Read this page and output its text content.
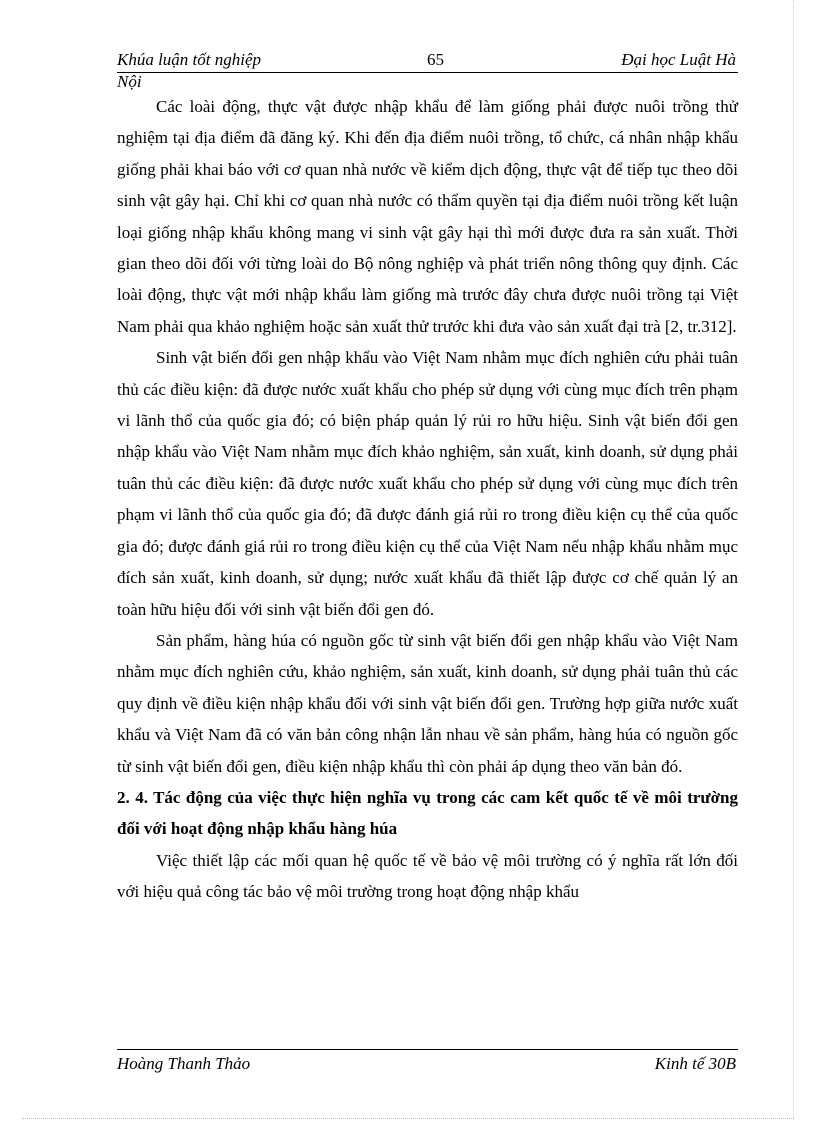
Khúa luận tốt nghiệp	65	Đại học Luật Hà
Nội

Các loài động, thực vật được nhập khẩu để làm giống phải được nuôi trồng thử nghiệm tại địa điểm đã đăng ký. Khi đến địa điểm nuôi trồng, tổ chức, cá nhân nhập khẩu giống phải khai báo với cơ quan nhà nước về kiểm dịch động, thực vật để tiếp tục theo dõi sinh vật gây hại. Chỉ khi cơ quan nhà nước có thẩm quyền tại địa điểm nuôi trồng kết luận loại giống nhập khẩu không mang vi sinh vật gây hại thì mới được đưa ra sản xuất. Thời gian theo dõi đối với từng loài do Bộ nông nghiệp và phát triển nông thông quy định. Các loài động, thực vật mới nhập khẩu làm giống mà trước đây chưa được nuôi trồng tại Việt Nam phải qua khảo nghiệm hoặc sản xuất thử trước khi đưa vào sản xuất đại trà [2, tr.312].

Sinh vật biến đổi gen nhập khẩu vào Việt Nam nhằm mục đích nghiên cứu phải tuân thủ các điều kiện: đã được nước xuất khẩu cho phép sử dụng với cùng mục đích trên phạm vi lãnh thổ của quốc gia đó; có biện pháp quản lý rủi ro hữu hiệu. Sinh vật biến đổi gen nhập khẩu vào Việt Nam nhằm mục đích khảo nghiệm, sản xuất, kinh doanh, sử dụng phải tuân thủ các điều kiện: đã được nước xuất khẩu cho phép sử dụng với cùng mục đích trên phạm vi lãnh thổ của quốc gia đó; đã được đánh giá rủi ro trong điều kiện cụ thể của quốc gia đó; được đánh giá rủi ro trong điều kiện cụ thể của Việt Nam nếu nhập khẩu nhằm mục đích sản xuất, kinh doanh, sử dụng; nước xuất khẩu đã thiết lập được cơ chế quản lý an toàn hữu hiệu đối với sinh vật biến đổi gen đó.

Sản phẩm, hàng húa có nguồn gốc từ sinh vật biến đổi gen nhập khẩu vào Việt Nam nhằm mục đích nghiên cứu, khảo nghiệm, sản xuất, kinh doanh, sử dụng phải tuân thủ các quy định về điều kiện nhập khẩu đối với sinh vật biến đổi gen. Trường hợp giữa nước xuất khẩu và Việt Nam đã có văn bản công nhận lẫn nhau về sản phẩm, hàng húa có nguồn gốc từ sinh vật biến đổi gen, điều kiện nhập khẩu thì còn phải áp dụng theo văn bản đó.

2. 4. Tác động của việc thực hiện nghĩa vụ trong các cam kết quốc tế về môi trường đối với hoạt động nhập khẩu hàng húa

Việc thiết lập các mối quan hệ quốc tế về bảo vệ môi trường có ý nghĩa rất lớn đối với hiệu quả công tác bảo vệ môi trường trong hoạt động nhập khẩu

Hoàng Thanh Thảo	Kinh tế 30B
